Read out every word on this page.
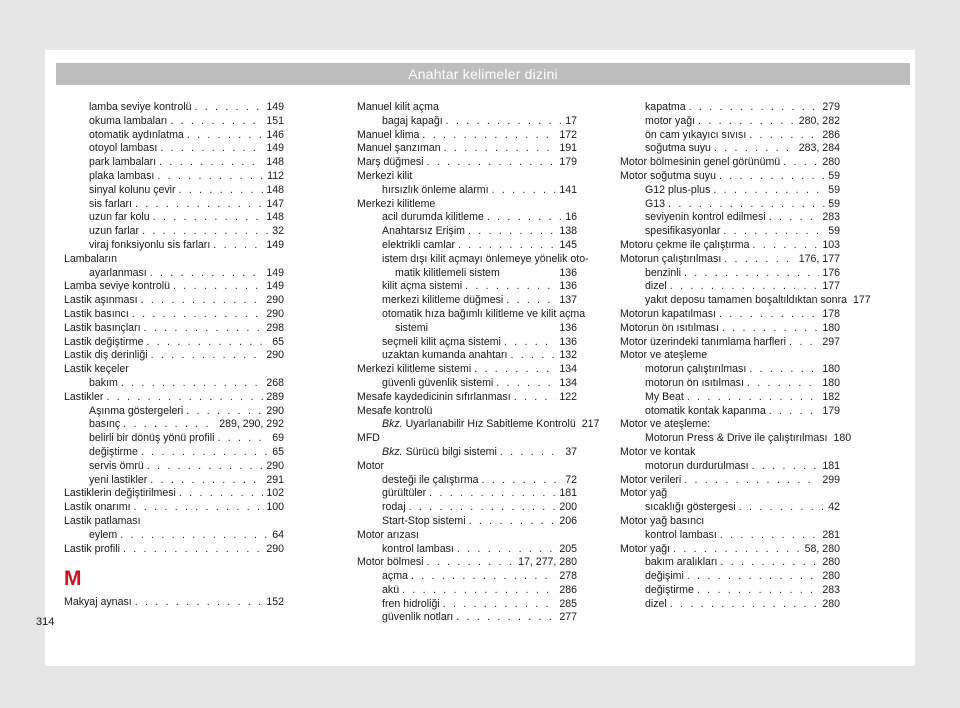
Anahtar kelimeler dizini
lamba seviye kontrolü . . .	149
okuma lambaları . . .	151
otomatik aydınlatma . . .	146
otoyol lambası . . .	149
park lambaları . . .	148
plaka lambası . . .	112
sinyal kolunu çevir . . .	148
sis farları . . .	147
uzun far kolu . . .	148
uzun farlar . . .	32
viraj fonksiyonlu sis farları . . .	149
Lambaların
ayarlanması . . .	149
Lamba seviye kontrolü . . .	149
Lastik aşınması . . .	290
Lastik basıncı . . .	290
Lastik basınçları . . .	298
Lastik değiştirme . . .	65
Lastik diş derinliği . . .	290
Lastik keçeler
bakım . . .	268
Lastikler . . .	289
Aşınma göstergeleri . . .	290
basınç . . .	289, 290, 292
belirli bir dönüş yönü profili . . .	69
değiştirme . . .	65
servis ömrü . . .	290
yeni lastikler . . .	291
Lastiklerin değiştirilmesi . . .	102
Lastik onarımı . . .	100
Lastik patlaması
eylem . . .	64
Lastik profili . . .	290
M
Makyaj aynası . . .	152
Manuel kilit açma
bagaj kapağı . . .	17
Manuel klima . . .	172
Manuel şanzıman . . .	191
Marş düğmesi . . .	179
Merkezi kilit
hırsızlık önleme alarmı . . .	141
Merkezi kilitleme
acil durumda kilitleme . . .	16
Anahtarsız Erişim . . .	138
elektrikli camlar . . .	145
istem dışı kilit açmayı önlemeye yönelik oto-
matik kilitlemeli sistem	136
kilit açma sistemi . . .	136
merkezi kilitleme düğmesi . . .	137
otomatik hıza bağımlı kilitleme ve kilit açma
sistemi	136
seçmeli kilit açma sistemi . . .	136
uzaktan kumanda anahtarı . . .	132
Merkezi kilitleme sistemi . . .	134
güvenli güvenlik sistemi . . .	134
Mesafe kaydedicinin sıfırlanması . . .	122
Mesafe kontrolü
Bkz. Uyarlanabilir Hız Sabitleme Kontrolü 217
MFD
Bkz. Sürücü bilgi sistemi . . .	37
Motor
desteği ile çalıştırma . . .	72
gürültüler . . .	181
rodaj . . .	200
Start-Stop sistemi . . .	206
Motor arızası
kontrol lambası . . .	205
Motor bölmesi . . .	17, 277, 280
açma . . .	278
akü . . .	286
fren hidroliği . . .	285
güvenlik notları . . .	277
kapatma . . .	279
motor yağı . . .	280, 282
ön cam yıkayıcı sıvısı . . .	286
soğutma suyu . . .	283, 284
Motor bölmesinin genel görünümü . . .	280
Motor soğutma suyu . . .	59
G12 plus-plus . . .	59
G13 . . .	59
seviyenin kontrol edilmesi . . .	283
spesifikasyonlar . . .	59
Motoru çekme ile çalıştırma . . .	103
Motorun çalıştırılması . . .	176, 177
benzinli . . .	176
dizel . . .	177
yakıt deposu tamamen boşaltıldıktan sonra 177
Motorun kapatılması . . .	178
Motorun ön ısıtılması . . .	180
Motor üzerindeki tanımlama harfleri . . .	297
Motor ve ateşleme
motorun çalıştırılması . . .	180
motorun ön ısıtılması . . .	180
My Beat . . .	182
otomatik kontak kapanma . . .	179
Motor ve ateşleme:
Motorun Press & Drive ile çalıştırılması 180
Motor ve kontak
motorun durdurulması . . .	181
Motor verileri . . .	299
Motor yağ
sıcaklığı göstergesi . . .	42
Motor yağ basıncı
kontrol lambası . . .	281
Motor yağı . . .	58, 280
bakım aralıkları . . .	280
değişimi . . .	280
değiştirme . . .	283
dizel . . .	280
314
